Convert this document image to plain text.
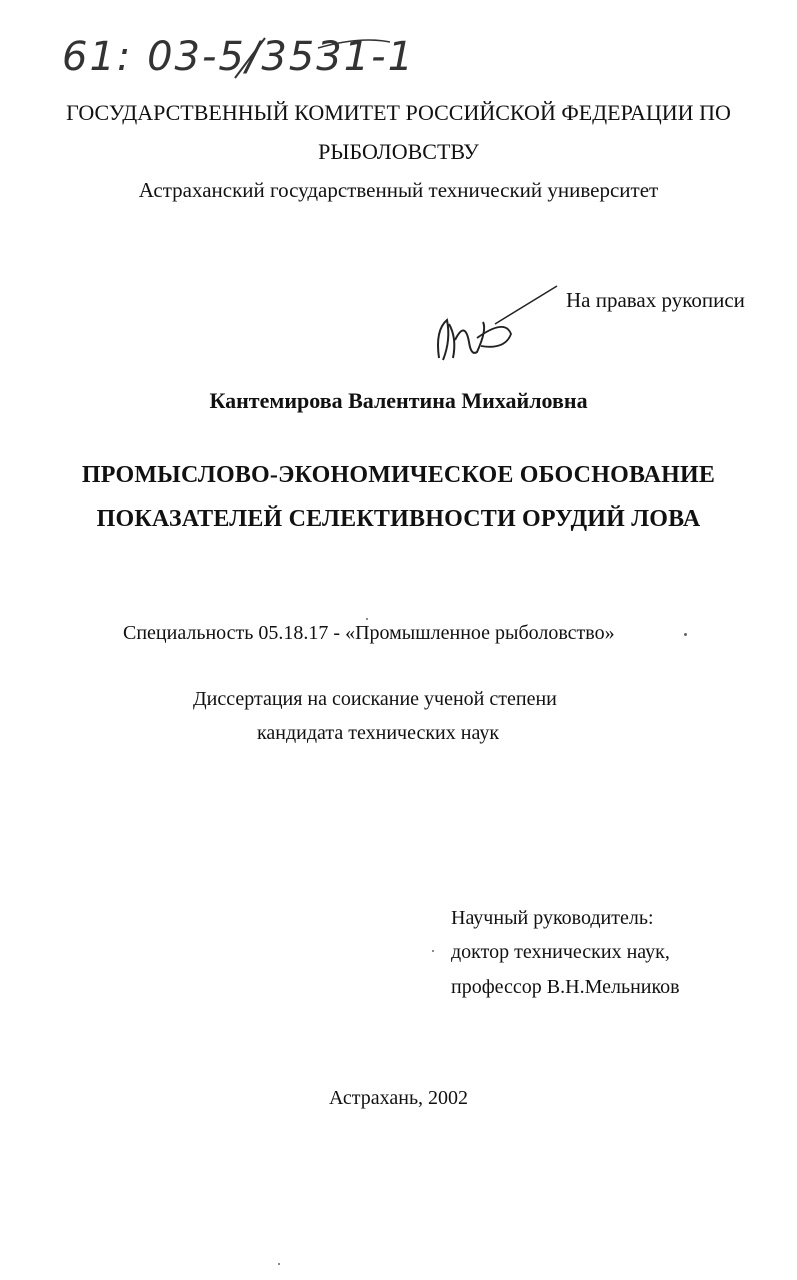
61: 03-5/3531-1
ГОСУДАРСТВЕННЫЙ КОМИТЕТ РОССИЙСКОЙ ФЕДЕРАЦИИ ПО
РЫБОЛОВСТВУ
Астраханский государственный технический университет
На правах рукописи
Кантемирова Валентина Михайловна
ПРОМЫСЛОВО-ЭКОНОМИЧЕСКОЕ ОБОСНОВАНИЕ
ПОКАЗАТЕЛЕЙ СЕЛЕКТИВНОСТИ ОРУДИЙ ЛОВА
Специальность 05.18.17 - «Промышленное рыболовство»
Диссертация на соискание ученой степени
кандидата технических наук
Научный руководитель:
доктор технических наук,
профессор В.Н.Мельников
Астрахань, 2002
